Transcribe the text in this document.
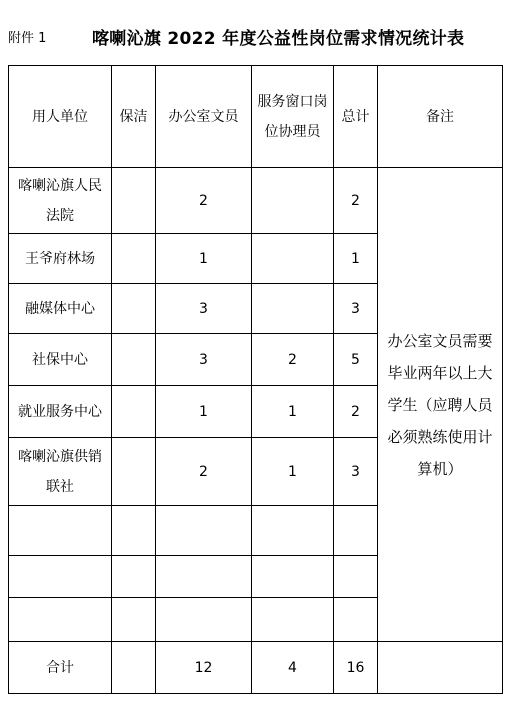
附件 1	喀喇沁旗 2022 年度公益性岗位需求情况统计表
用人单位	保洁	办公室文员	服务窗口岗位协理员	总计	备注
喀喇沁旗人民法院		2		2	办公室文员需要毕业两年以上大学生（应聘人员必须熟练使用计算机）
王爷府林场		1		1	
融媒体中心		3		3	
社保中心		3	2	5	
就业服务中心		1	1	2	
喀喇沁旗供销联社		2	1	3	

合计		12	4	16	
